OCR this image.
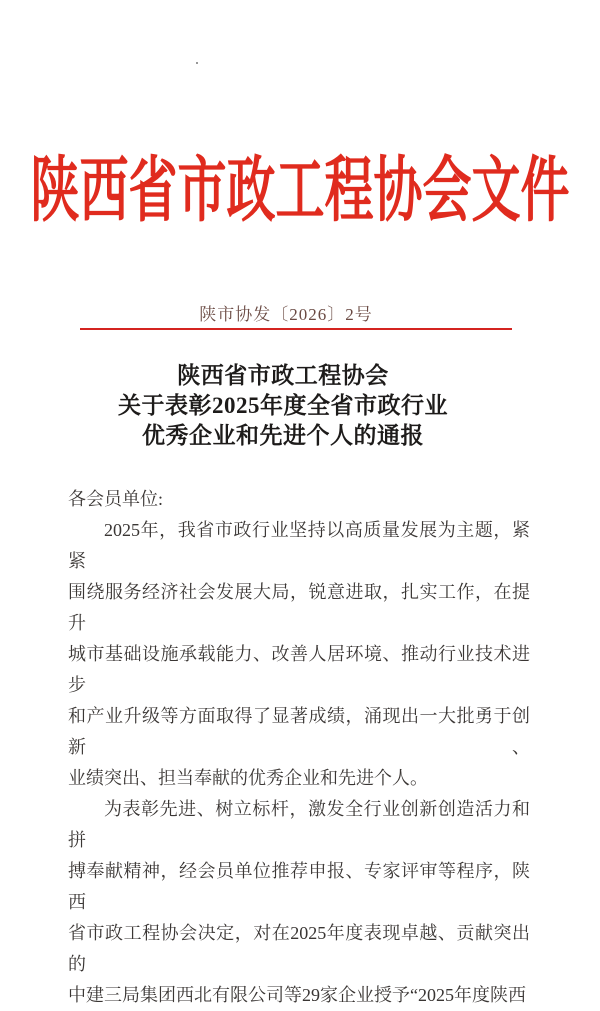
陕西省市政工程协会文件
陕市协发〔2026〕2号
陕西省市政工程协会
关于表彰2025年度全省市政行业
优秀企业和先进个人的通报
各会员单位:
2025年，我省市政行业坚持以高质量发展为主题，紧紧
围绕服务经济社会发展大局，锐意进取，扎实工作，在提升
城市基础设施承载能力、改善人居环境、推动行业技术进步
和产业升级等方面取得了显著成绩，涌现出一大批勇于创新、
业绩突出、担当奉献的优秀企业和先进个人。
为表彰先进、树立标杆，激发全行业创新创造活力和拼
搏奉献精神，经会员单位推荐申报、专家评审等程序，陕西
省市政工程协会决定，对在2025年度表现卓越、贡献突出的
中建三局集团西北有限公司等29家企业授予“2025年度陕西
